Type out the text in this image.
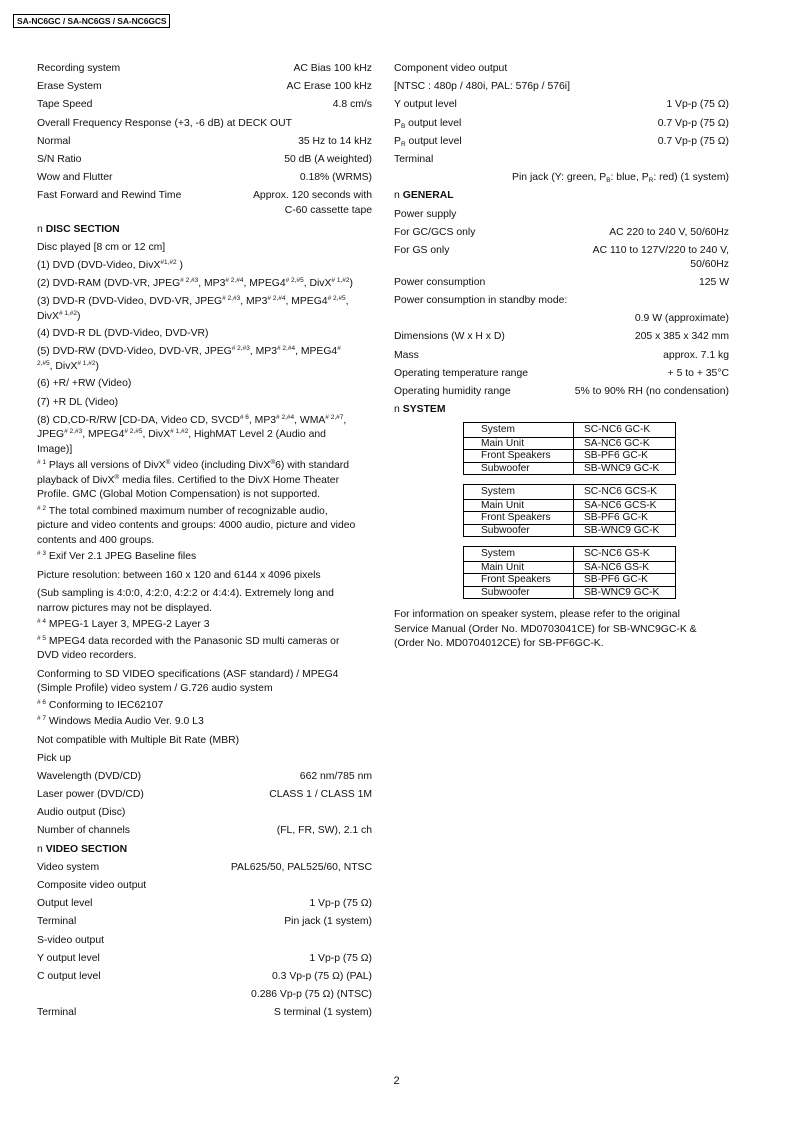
SA-NC6GC / SA-NC6GS / SA-NC6GCS
Recording system	AC Bias 100 kHz
Erase System	AC Erase 100 kHz
Tape Speed	4.8 cm/s
Overall Frequency Response (+3, -6 dB) at DECK OUT
Normal	35 Hz to 14 kHz
S/N Ratio	50 dB (A weighted)
Wow and Flutter	0.18% (WRMS)
Fast Forward and Rewind Time	Approx. 120 seconds with
C-60 cassette tape
n DISC SECTION
Disc played [8 cm or 12 cm]
(1) DVD (DVD-Video, DivX$^{\#1,\#2}$ )
(2) DVD-RAM (DVD-VR, $JPEG^{\# 2,\#3}$, $MP3^{\# 2,\#4}$, $MPEG4^{\# 2,\#5}$, DivX$^{\# 1,\#2}$)
(3) DVD-R (DVD-Video, DVD-VR, $JPEG^{\# 2,\#3}$, $MP3^{\# 2,\#4}$, $MPEG4^{\# 2,\#5}$,
DivX$^{\# 1,\#2}$)
(4) DVD-R DL (DVD-Video, DVD-VR)
(5) DVD-RW (DVD-Video, DVD-VR, $JPEG^{\# 2,\#3}$, $MP3^{\# 2,\#4}$, MPEG4#
$^{2,\#5}$, DivX$^{\# 1,\#2}$)
(6) +R/ +RW (Video)
(7) +R DL (Video)
(8) CD,CD-R/RW [CD-DA, Video CD, SVCD$^{\# 6}$, $MP3^{\# 2,\#4}$, $WMA^{\# 2,\#7}$,
$JPEG^{\# 2,\#3}$, $MPEG4^{\# 2,\#5}$, DivX$^{\# 1,\#2}$, HighMAT Level 2 (Audio and
Image)]
$^{\# 1}$ Plays all versions of DivX® video (including DivX®6) with standard
playback of DivX® media files. Certified to the DivX Home Theater
Profile. GMC (Global Motion Compensation) is not supported.
$^{\# 2}$ The total combined maximum number of recognizable audio,
picture and video contents and groups: 4000 audio, picture and video
contents and 400 groups.
$^{\# 3}$ Exif Ver 2.1 JPEG Baseline files
Picture resolution: between 160 x 120 and 6144 x 4096 pixels
(Sub sampling is 4:0:0, 4:2:0, 4:2:2 or 4:4:4). Extremely long and
narrow pictures may not be displayed.
$^{\# 4}$ MPEG-1 Layer 3, MPEG-2 Layer 3
$^{\# 5}$ MPEG4 data recorded with the Panasonic SD multi cameras or
DVD video recorders.
Conforming to SD VIDEO specifications (ASF standard) / MPEG4
(Simple Profile) video system / G.726 audio system
$^{\# 6}$ Conforming to IEC62107
$^{\# 7}$ Windows Media Audio Ver. 9.0 L3
Not compatible with Multiple Bit Rate (MBR)
Pick up
Wavelength (DVD/CD)	662 nm/785 nm
Laser power (DVD/CD)	CLASS 1 / CLASS 1M
Audio output (Disc)
Number of channels	(FL, FR, SW), 2.1 ch
n VIDEO SECTION
Video system	PAL625/50, PAL525/60, NTSC
Composite video output
Output level	1 Vp-p (75 Ω)
Terminal	Pin jack (1 system)
S-video output
Y output level	1 Vp-p (75 Ω)
C output level	0.3 Vp-p (75 Ω) (PAL)
0.286 Vp-p (75 Ω) (NTSC)
Terminal	S terminal (1 system)
Component video output
[NTSC : 480p / 480i, PAL: 576p / 576i]
Y output level	1 Vp-p (75 Ω)
$P_B$ output level	0.7 Vp-p (75 Ω)
$P_R$ output level	0.7 Vp-p (75 Ω)
Terminal
Pin jack (Y: green, $P_B$: blue, $P_R$: red) (1 system)
n GENERAL
Power supply
For GC/GCS only	AC 220 to 240 V, 50/60Hz
For GS only	AC 110 to 127V/220 to 240 V,
50/60Hz
Power consumption	125 W
Power consumption in standby mode:
0.9 W (approximate)
Dimensions (W x H x D)	205 x 385 x 342 mm
Mass	approx. 7.1 kg
Operating temperature range	+ 5 to + 35°C
Operating humidity range	5% to 90% RH (no condensation)
n SYSTEM
System	SC-NC6 GC-K
Main Unit	SA-NC6 GC-K
Front Speakers	SB-PF6 GC-K
Subwoofer	SB-WNC9 GC-K
System	SC-NC6 GCS-K
Main Unit	SA-NC6 GCS-K
Front Speakers	SB-PF6 GC-K
Subwoofer	SB-WNC9 GC-K
System	SC-NC6 GS-K
Main Unit	SA-NC6 GS-K
Front Speakers	SB-PF6 GC-K
Subwoofer	SB-WNC9 GC-K
For information on speaker system, please refer to the original
Service Manual (Order No. MD0703041CE) for SB-WNC9GC-K &
(Order No. MD0704012CE) for SB-PF6GC-K.
2
